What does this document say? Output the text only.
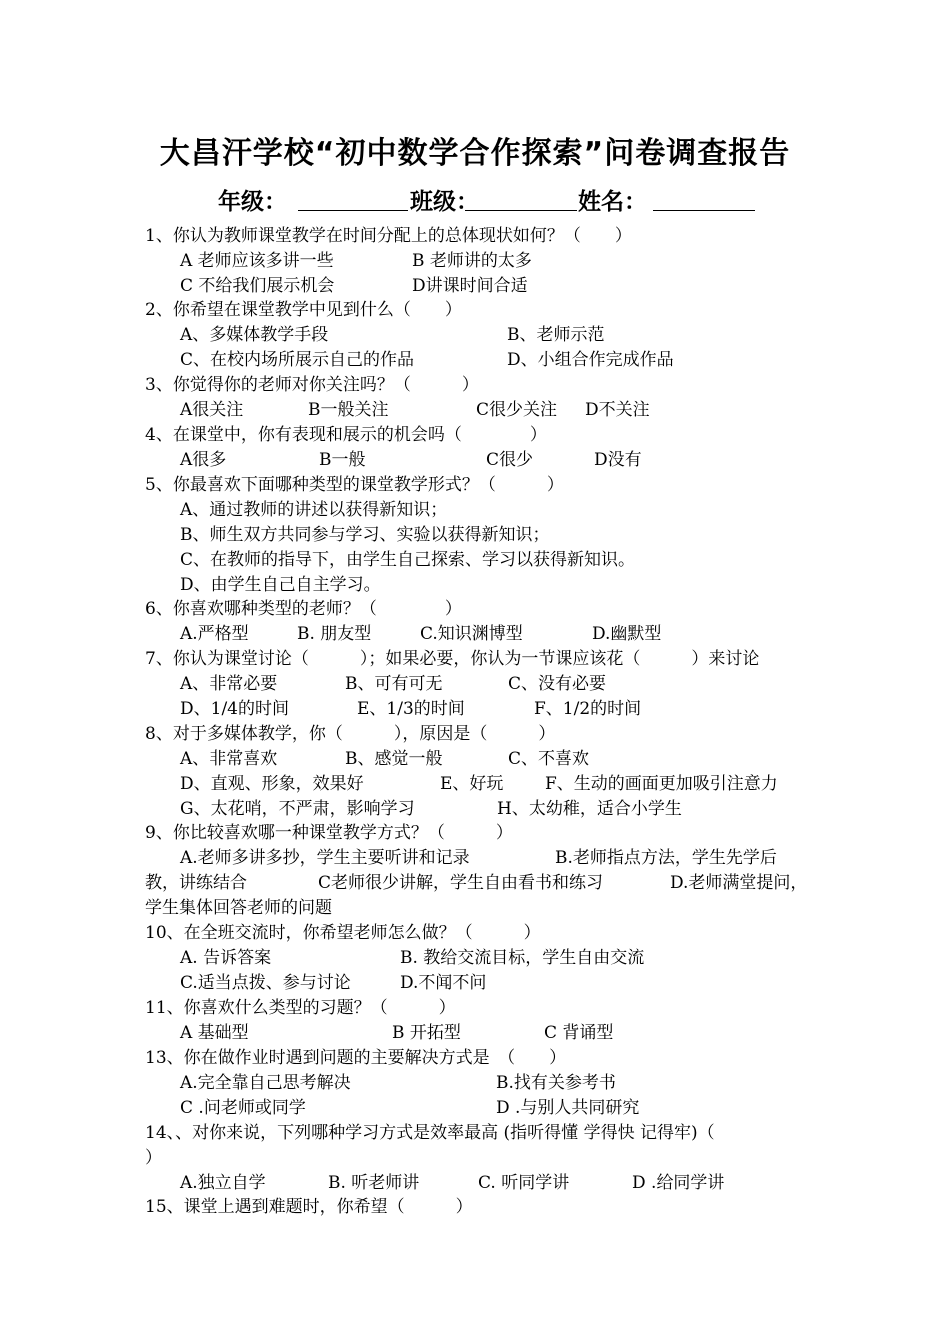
大昌汗学校“初中数学合作探索”问卷调查报告
年级：	班级：	姓名：
1、你认为教师课堂教学在时间分配上的总体现状如何？（　　）
A 老师应该多讲一些	B 老师讲的太多
C 不给我们展示机会	D讲课时间合适
2、你希望在课堂教学中见到什么（　　）
A、多媒体教学手段	B、老师示范
C、在校内场所展示自己的作品	D、小组合作完成作品
3、你觉得你的老师对你关注吗？（　　　）
A很关注	B一般关注	C很少关注 D不关注
4、在课堂中，你有表现和展示的机会吗（　　　　）
A很多	B一般	C很少	D没有
5、你最喜欢下面哪种类型的课堂教学形式？（　　　）
A、通过教师的讲述以获得新知识；
B、师生双方共同参与学习、实验以获得新知识；
C、在教师的指导下，由学生自己探索、学习以获得新知识。
D、由学生自己自主学习。
6、你喜欢哪种类型的老师？（　　　　）
A.严格型	B. 朋友型	C.知识渊博型	D.幽默型
7、你认为课堂讨论（　　　）；如果必要，你认为一节课应该花（　　　）来讨论
A、非常必要	B、可有可无	C、没有必要
D、1/4的时间	E、1/3的时间	F、1/2的时间
8、对于多媒体教学，你（　　　），原因是（　　　）
A、非常喜欢	B、感觉一般	C、不喜欢
D、直观、形象，效果好	E、好玩 F、生动的画面更加吸引注意力
G、太花哨，不严肃，影响学习	H、太幼稚，适合小学生
9、你比较喜欢哪一种课堂教学方式？（　　　）
A.老师多讲多抄，学生主要听讲和记录	B.老师指点方法，学生先学后
教，讲练结合	C老师很少讲解，学生自由看书和练习	D.老师满堂提问，
学生集体回答老师的问题
10、在全班交流时，你希望老师怎么做？（　　　）
A. 告诉答案	B. 教给交流目标，学生自由交流
C.适当点拨、参与讨论	D.不闻不问
11、你喜欢什么类型的习题？（　　　）
A 基础型	B 开拓型	C 背诵型
13、你在做作业时遇到问题的主要解决方式是　（　　）
A.完全靠自己思考解决	B.找有关参考书
C .问老师或同学	D .与别人共同研究
14、、对你来说，下列哪种学习方式是效率最高 (指听得懂 学得快 记得牢)（
）
A.独立自学	B. 听老师讲	C. 听同学讲	D .给同学讲
15、课堂上遇到难题时，你希望（　　　）
